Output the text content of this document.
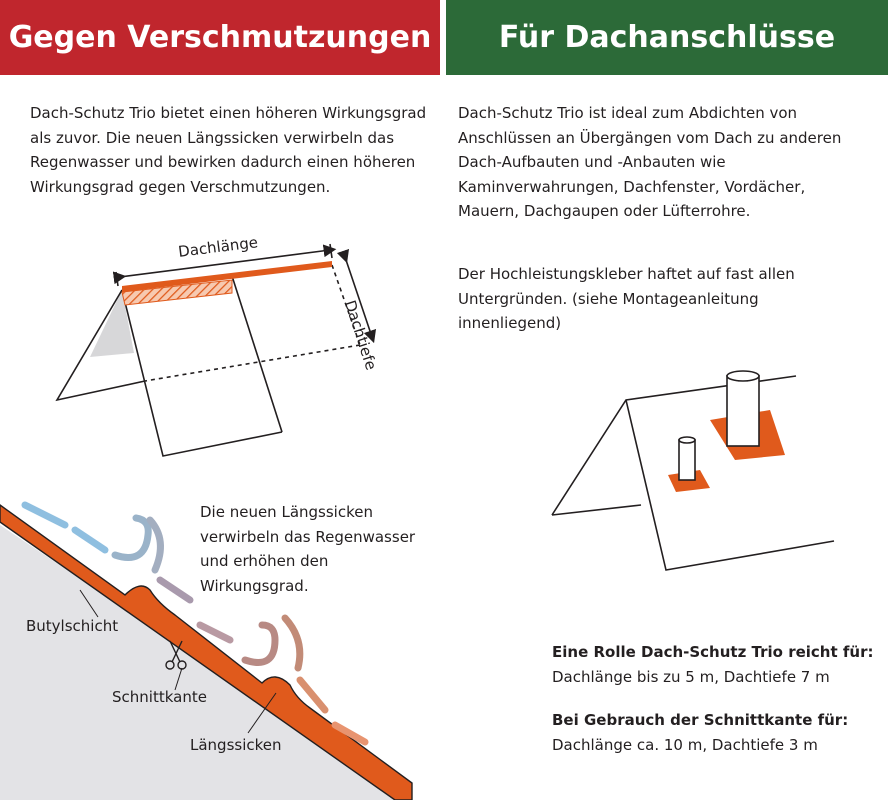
Gegen Verschmutzungen	Für Dachanschlüsse

Dach-Schutz Trio bietet einen höheren Wirkungsgrad als zuvor. Die neuen Längssicken verwirbeln das Regenwasser und bewirken dadurch einen höheren Wirkungsgrad gegen Verschmutzungen.

Dach-Schutz Trio ist ideal zum Abdichten von Anschlüssen an Übergängen vom Dach zu anderen Dach-Aufbauten und -Anbauten wie Kaminverwahrungen, Dachfenster, Vordächer, Mauern, Dachgaupen oder Lüfterrohre.

Der Hochleistungskleber haftet auf fast allen Untergründen. (siehe Montageanleitung innenliegend)

Dachlänge
Dachtiefe

Die neuen Längssicken verwirbeln das Regenwasser und erhöhen den Wirkungsgrad.

Butylschicht
Schnittkante
Längssicken
Eine Rolle Dach-Schutz Trio reicht für:
Dachlänge bis zu 5 m, Dachtiefe 7 m
Bei Gebrauch der Schnittkante für:
Dachlänge ca. 10 m, Dachtiefe 3 m
